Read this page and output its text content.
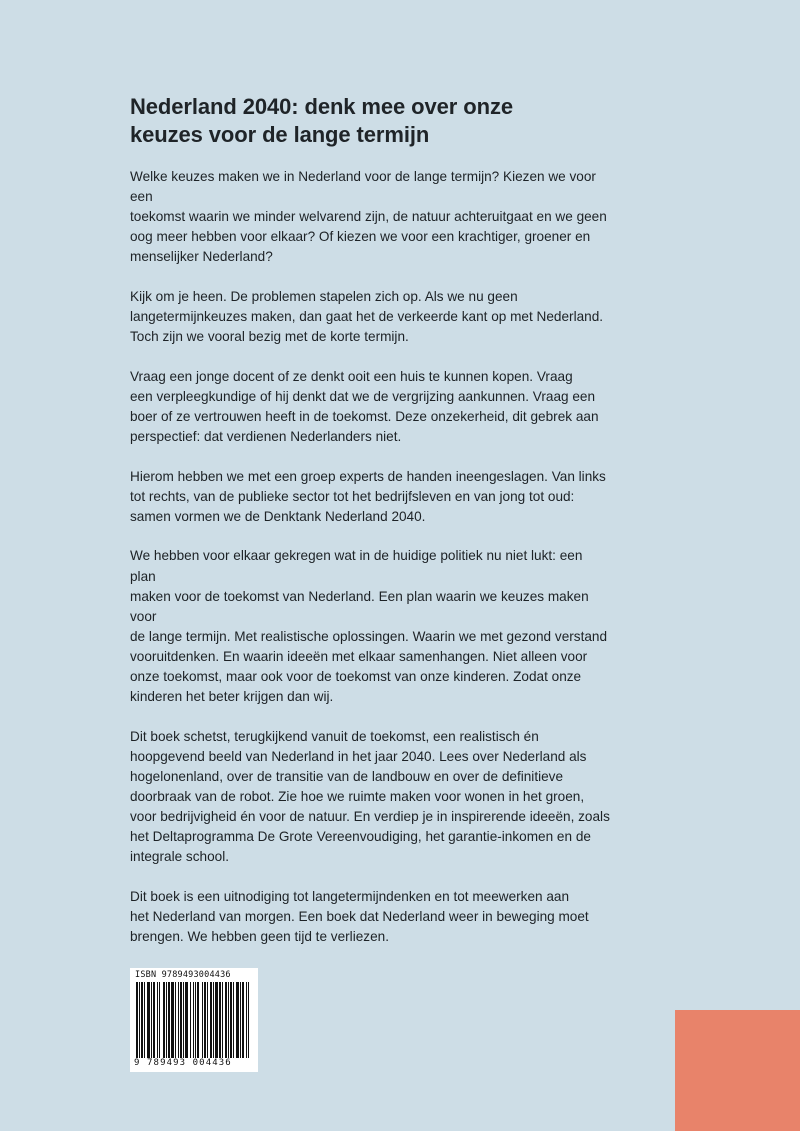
Nederland 2040: denk mee over onze
keuzes voor de lange termijn

Welke keuzes maken we in Nederland voor de lange termijn? Kiezen we voor een
toekomst waarin we minder welvarend zijn, de natuur achteruitgaat en we geen
oog meer hebben voor elkaar? Of kiezen we voor een krachtiger, groener en
menselijker Nederland?

Kijk om je heen. De problemen stapelen zich op. Als we nu geen
langetermijnkeuzes maken, dan gaat het de verkeerde kant op met Nederland.
Toch zijn we vooral bezig met de korte termijn.

Vraag een jonge docent of ze denkt ooit een huis te kunnen kopen. Vraag
een verpleegkundige of hij denkt dat we de vergrijzing aankunnen. Vraag een
boer of ze vertrouwen heeft in de toekomst. Deze onzekerheid, dit gebrek aan
perspectief: dat verdienen Nederlanders niet.

Hierom hebben we met een groep experts de handen ineengeslagen. Van links
tot rechts, van de publieke sector tot het bedrijfsleven en van jong tot oud:
samen vormen we de Denktank Nederland 2040.

We hebben voor elkaar gekregen wat in de huidige politiek nu niet lukt: een plan
maken voor de toekomst van Nederland. Een plan waarin we keuzes maken voor
de lange termijn. Met realistische oplossingen. Waarin we met gezond verstand
vooruitdenken. En waarin ideeën met elkaar samenhangen. Niet alleen voor
onze toekomst, maar ook voor de toekomst van onze kinderen. Zodat onze
kinderen het beter krijgen dan wij.

Dit boek schetst, terugkijkend vanuit de toekomst, een realistisch én
hoopgevend beeld van Nederland in het jaar 2040. Lees over Nederland als
hogelonenland, over de transitie van de landbouw en over de definitieve
doorbraak van de robot. Zie hoe we ruimte maken voor wonen in het groen,
voor bedrijvigheid én voor de natuur. En verdiep je in inspirerende ideeën, zoals
het Deltaprogramma De Grote Vereenvoudiging, het garantie-inkomen en de
integrale school.

Dit boek is een uitnodiging tot langetermijndenken en tot meewerken aan
het Nederland van morgen. Een boek dat Nederland weer in beweging moet
brengen. We hebben geen tijd te verliezen.

ISBN 9789493004436
9 789493 004436
